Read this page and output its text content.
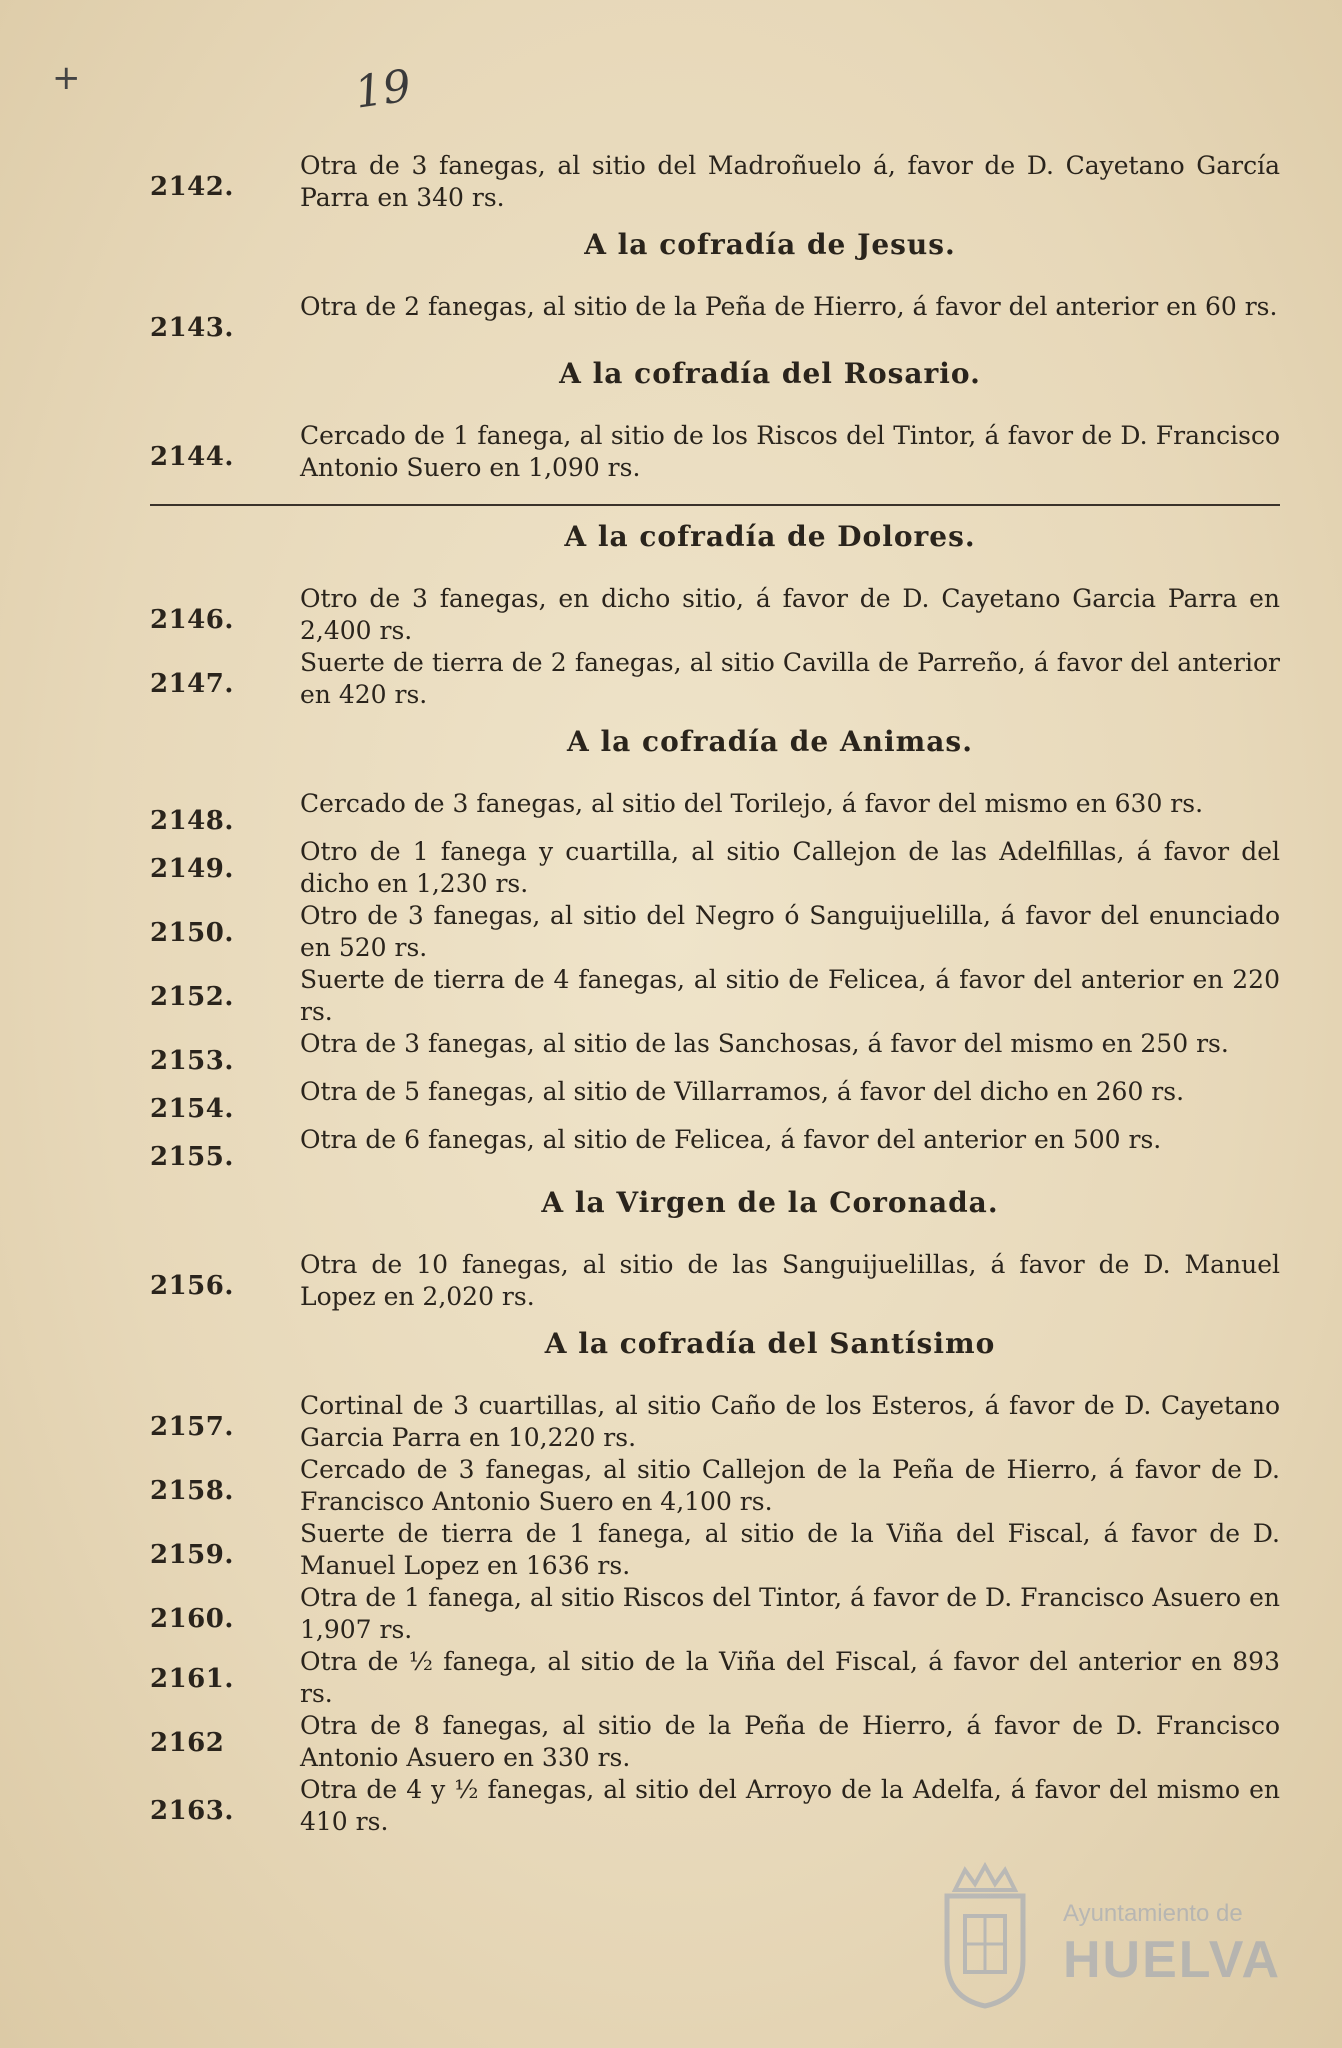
+	19
2142.
Otra de 3 fanegas, al sitio del Madroñuelo á, favor de D. Cayetano García Parra en 340 rs.
A la cofradía de Jesus.
2143.
Otra de 2 fanegas, al sitio de la Peña de Hierro, á favor del anterior en 60 rs.
A la cofradía del Rosario.
2144.
Cercado de 1 fanega, al sitio de los Riscos del Tintor, á favor de D. Francisco Antonio Suero en 1,090 rs.
A la cofradía de Dolores.
2146.
Otro de 3 fanegas, en dicho sitio, á favor de D. Cayetano Garcia Parra en 2,400 rs.
2147.
Suerte de tierra de 2 fanegas, al sitio Cavilla de Parreño, á favor del anterior en 420 rs.
A la cofradía de Animas.
2148.
Cercado de 3 fanegas, al sitio del Torilejo, á favor del mismo en 630 rs.
2149.
Otro de 1 fanega y cuartilla, al sitio Callejon de las Adelfillas, á favor del dicho en 1,230 rs.
2150.
Otro de 3 fanegas, al sitio del Negro ó Sanguijuelilla, á favor del enunciado en 520 rs.
2152.
Suerte de tierra de 4 fanegas, al sitio de Felicea, á favor del anterior en 220 rs.
2153.
Otra de 3 fanegas, al sitio de las Sanchosas, á favor del mismo en 250 rs.
2154.
Otra de 5 fanegas, al sitio de Villarramos, á favor del dicho en 260 rs.
2155.
Otra de 6 fanegas, al sitio de Felicea, á favor del anterior en 500 rs.
A la Virgen de la Coronada.
2156.
Otra de 10 fanegas, al sitio de las Sanguijuelillas, á favor de D. Manuel Lopez en 2,020 rs.
A la cofradía del Santísimo
2157.
Cortinal de 3 cuartillas, al sitio Caño de los Esteros, á favor de D. Cayetano Garcia Parra en 10,220 rs.
2158.
Cercado de 3 fanegas, al sitio Callejon de la Peña de Hierro, á favor de D. Francisco Antonio Suero en 4,100 rs.
2159.
Suerte de tierra de 1 fanega, al sitio de la Viña del Fiscal, á favor de D. Manuel Lopez en 1636 rs.
2160.
Otra de 1 fanega, al sitio Riscos del Tintor, á favor de D. Francisco Asuero en 1,907 rs.
2161.
Otra de ½ fanega, al sitio de la Viña del Fiscal, á favor del anterior en 893 rs.
2162
Otra de 8 fanegas, al sitio de la Peña de Hierro, á favor de D. Francisco Antonio Asuero en 330 rs.
2163.
Otra de 4 y ½ fanegas, al sitio del Arroyo de la Adelfa, á favor del mismo en 410 rs.
Ayuntamiento de
HUELVA
